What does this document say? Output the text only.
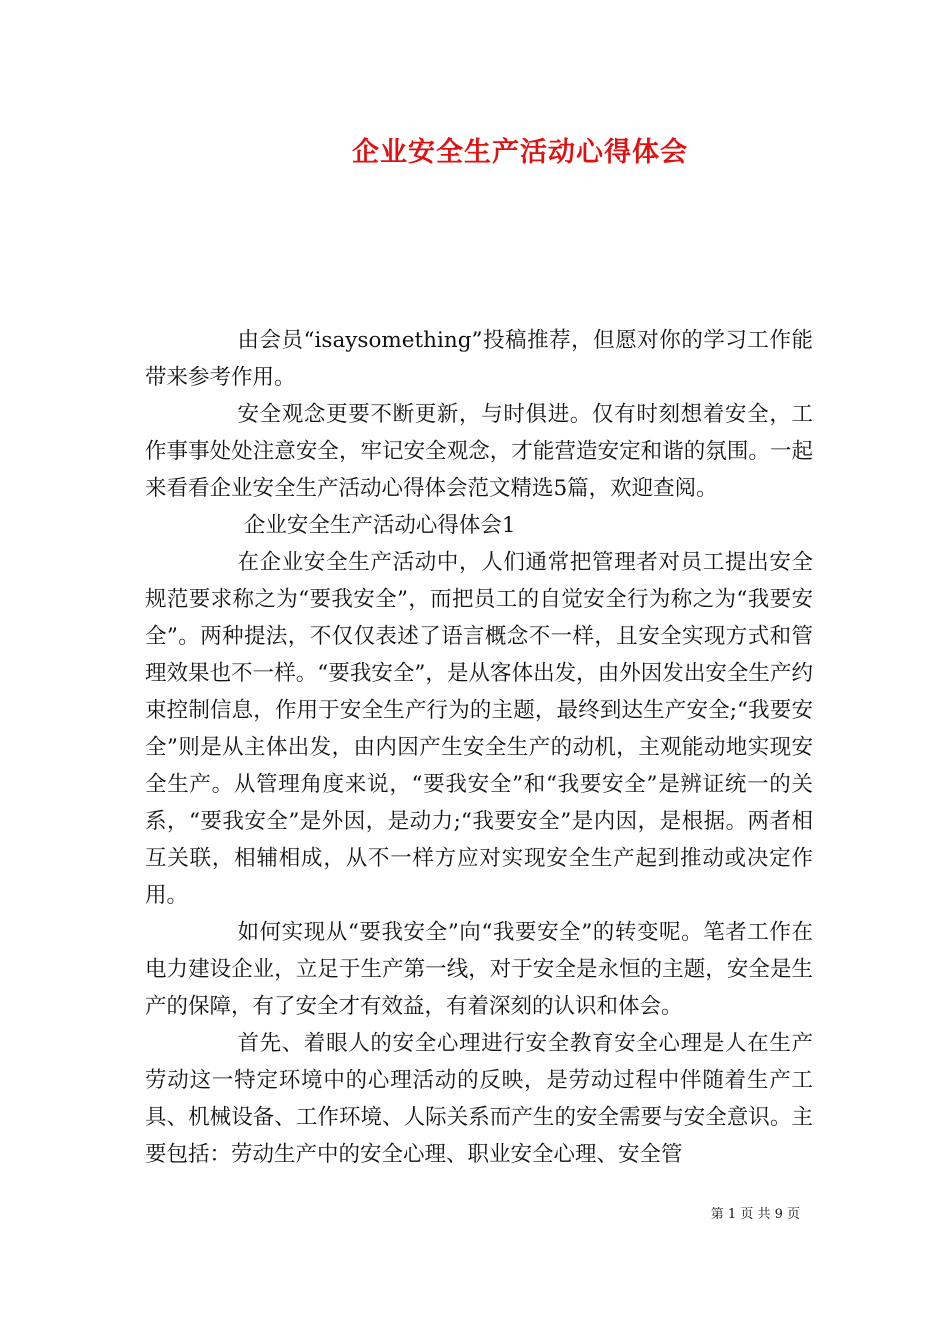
企业安全生产活动心得体会

由会员“isaysomething”投稿推荐，但愿对你的学习工作能带来参考作用。

安全观念更要不断更新，与时俱进。仅有时刻想着安全，工作事事处处注意安全，牢记安全观念，才能营造安定和谐的氛围。一起来看看企业安全生产活动心得体会范文精选5篇，欢迎查阅。

企业安全生产活动心得体会1

在企业安全生产活动中，人们通常把管理者对员工提出安全规范要求称之为“要我安全”，而把员工的自觉安全行为称之为“我要安全”。两种提法，不仅仅表述了语言概念不一样，且安全实现方式和管理效果也不一样。“要我安全”，是从客体出发，由外因发出安全生产约束控制信息，作用于安全生产行为的主题，最终到达生产安全;“我要安全”则是从主体出发，由内因产生安全生产的动机，主观能动地实现安全生产。从管理角度来说，“要我安全”和“我要安全”是辨证统一的关系，“要我安全”是外因，是动力;“我要安全”是内因，是根据。两者相互关联，相辅相成，从不一样方应对实现安全生产起到推动或决定作用。

如何实现从“要我安全”向“我要安全”的转变呢。笔者工作在电力建设企业，立足于生产第一线，对于安全是永恒的主题，安全是生产的保障，有了安全才有效益，有着深刻的认识和体会。

首先、着眼人的安全心理进行安全教育安全心理是人在生产劳动这一特定环境中的心理活动的反映，是劳动过程中伴随着生产工具、机械设备、工作环境、人际关系而产生的安全需要与安全意识。主要包括：劳动生产中的安全心理、职业安全心理、安全管

第 1 页 共 9 页
